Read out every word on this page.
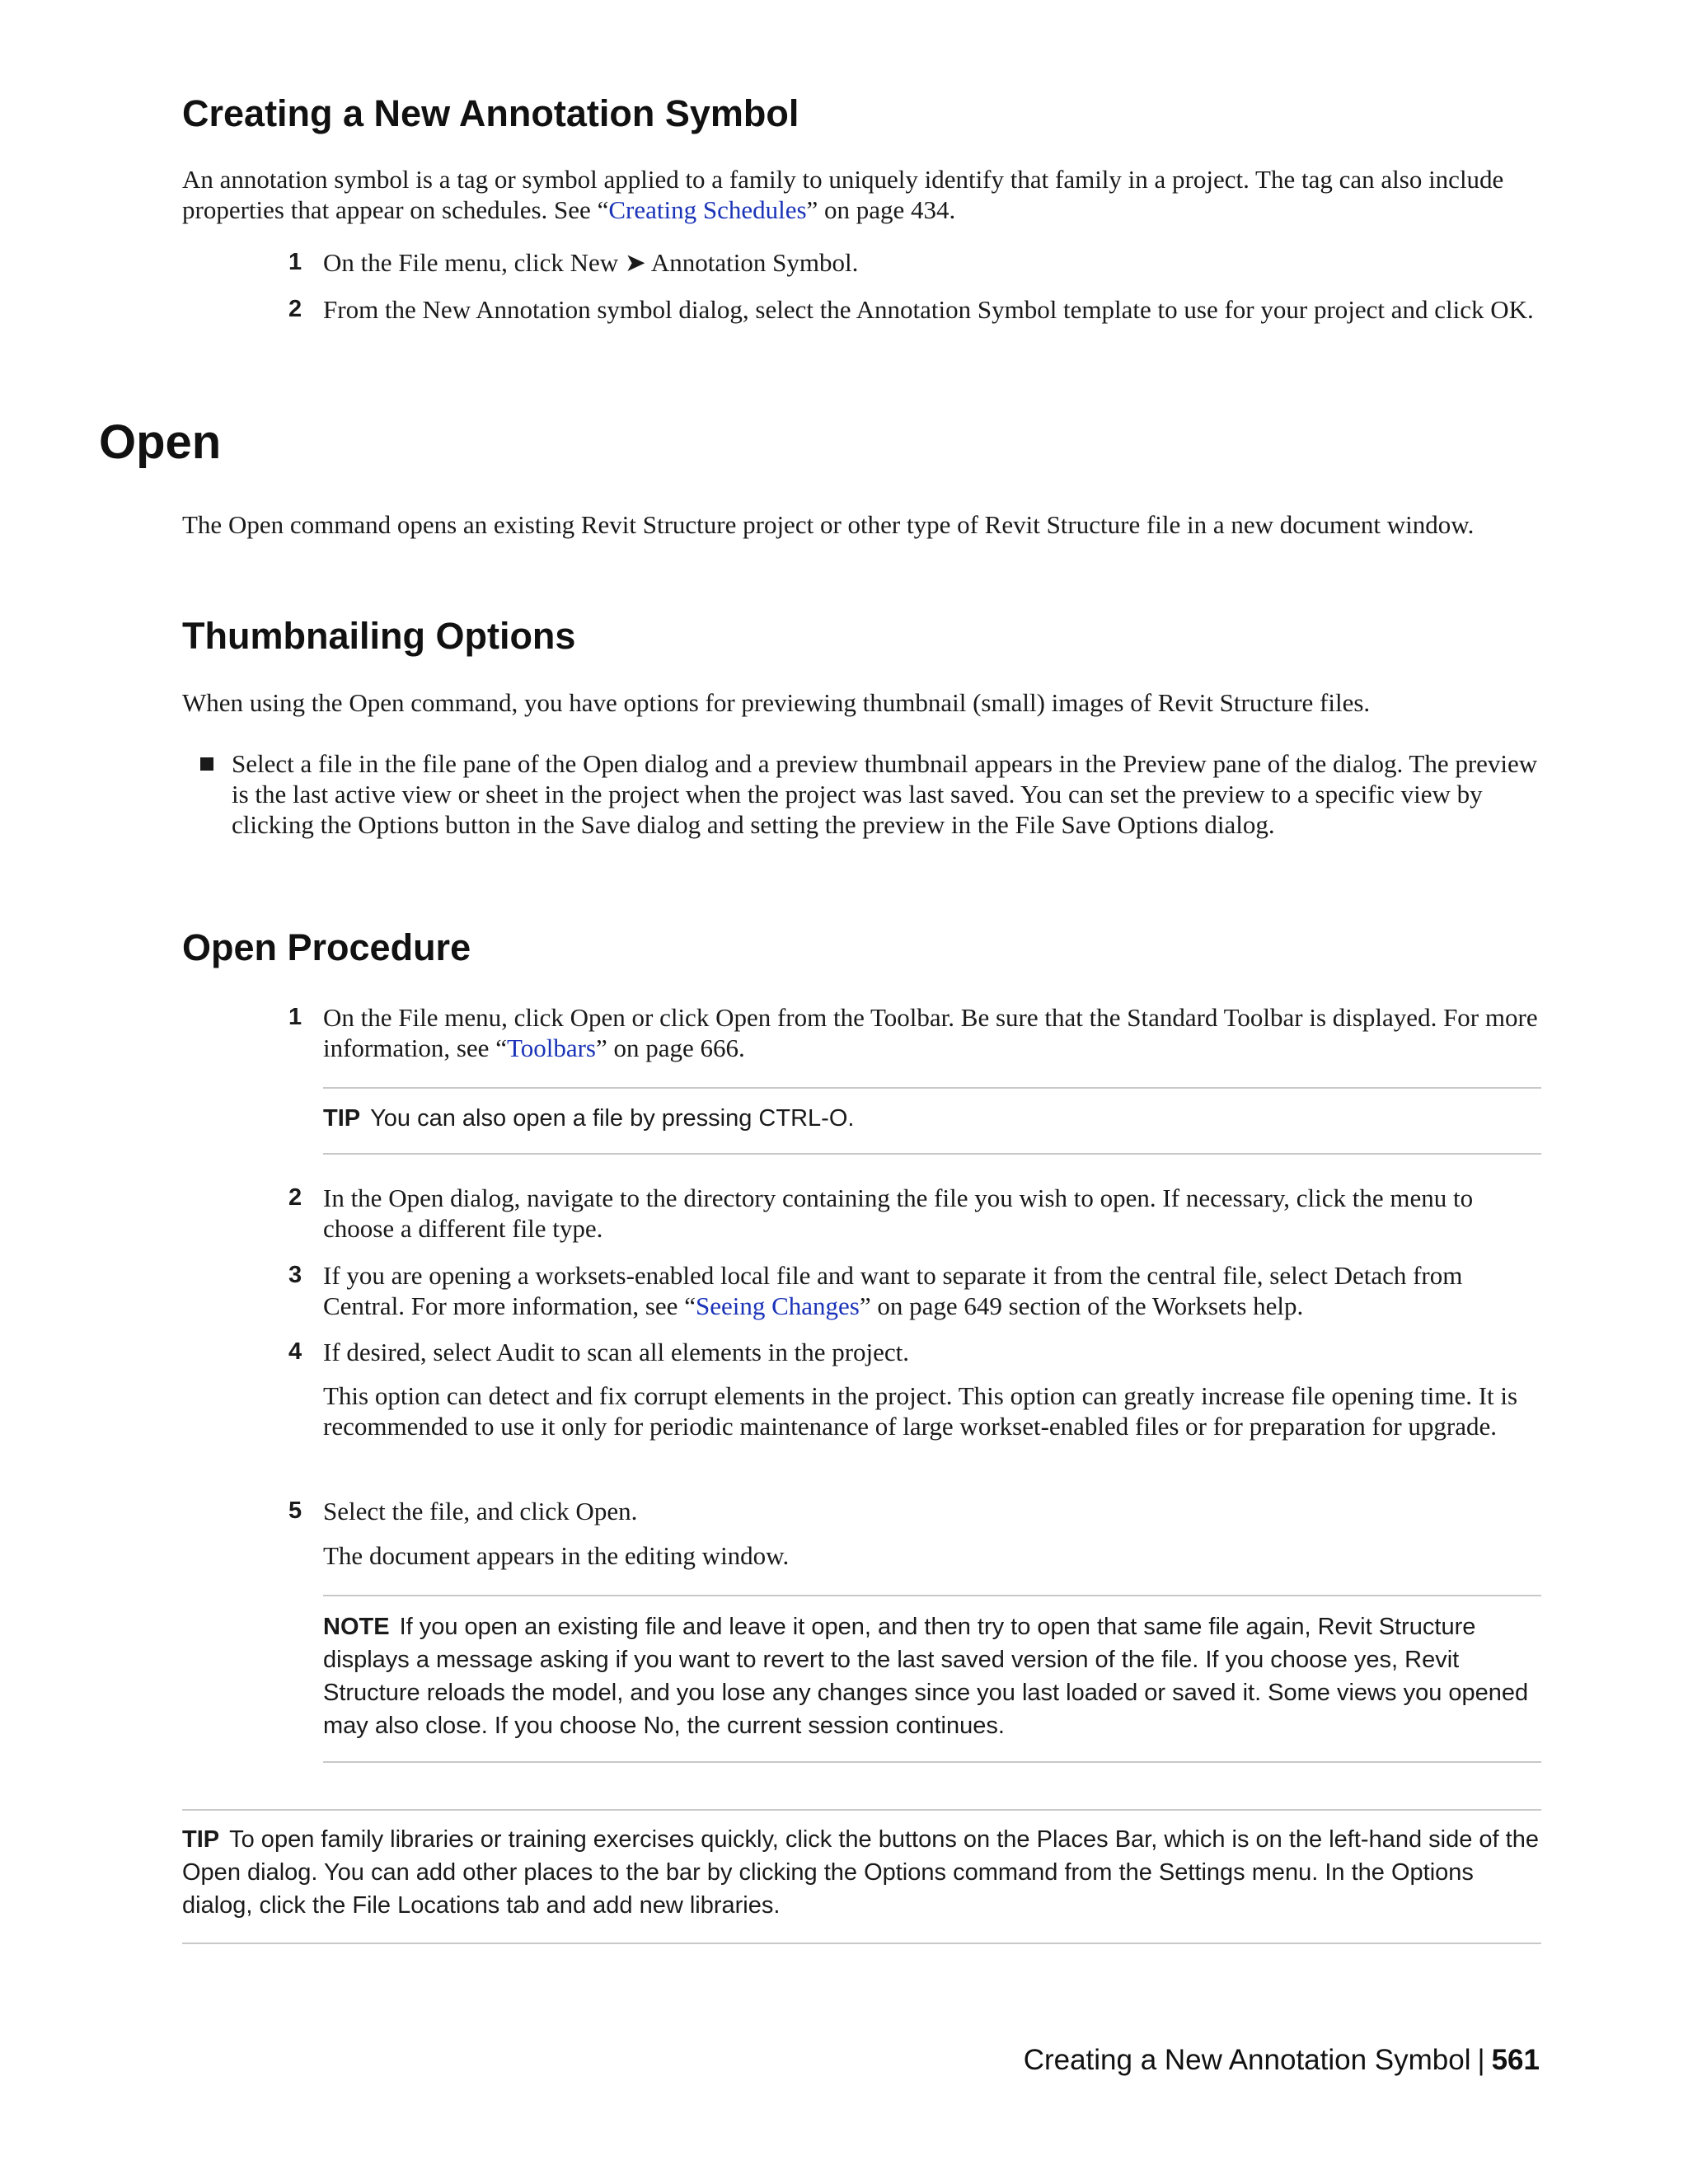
Creating a New Annotation Symbol

An annotation symbol is a tag or symbol applied to a family to uniquely identify that family in a project. The tag can also include properties that appear on schedules. See “Creating Schedules” on page 434.

1 On the File menu, click New ➤ Annotation Symbol.
2 From the New Annotation symbol dialog, select the Annotation Symbol template to use for your project and click OK.
Open

The Open command opens an existing Revit Structure project or other type of Revit Structure file in a new document window.

Thumbnailing Options

When using the Open command, you have options for previewing thumbnail (small) images of Revit Structure files.

Select a file in the file pane of the Open dialog and a preview thumbnail appears in the Preview pane of the dialog. The preview is the last active view or sheet in the project when the project was last saved. You can set the preview to a specific view by clicking the Options button in the Save dialog and setting the preview in the File Save Options dialog.
Open Procedure
1 On the File menu, click Open or click Open from the Toolbar. Be sure that the Standard Toolbar is displayed. For more information, see “Toolbars” on page 666.
TIP You can also open a file by pressing CTRL-O.
2 In the Open dialog, navigate to the directory containing the file you wish to open. If necessary, click the menu to choose a different file type.
3 If you are opening a worksets-enabled local file and want to separate it from the central file, select Detach from Central. For more information, see “Seeing Changes” on page 649 section of the Worksets help.
4 If desired, select Audit to scan all elements in the project.
This option can detect and fix corrupt elements in the project. This option can greatly increase file opening time. It is recommended to use it only for periodic maintenance of large workset-enabled files or for preparation for upgrade.
5 Select the file, and click Open.
The document appears in the editing window.
NOTE If you open an existing file and leave it open, and then try to open that same file again, Revit Structure displays a message asking if you want to revert to the last saved version of the file. If you choose yes, Revit Structure reloads the model, and you lose any changes since you last loaded or saved it. Some views you opened may also close. If you choose No, the current session continues.
TIP To open family libraries or training exercises quickly, click the buttons on the Places Bar, which is on the left-hand side of the Open dialog. You can add other places to the bar by clicking the Options command from the Settings menu. In the Options dialog, click the File Locations tab and add new libraries.
Creating a New Annotation Symbol | 561
